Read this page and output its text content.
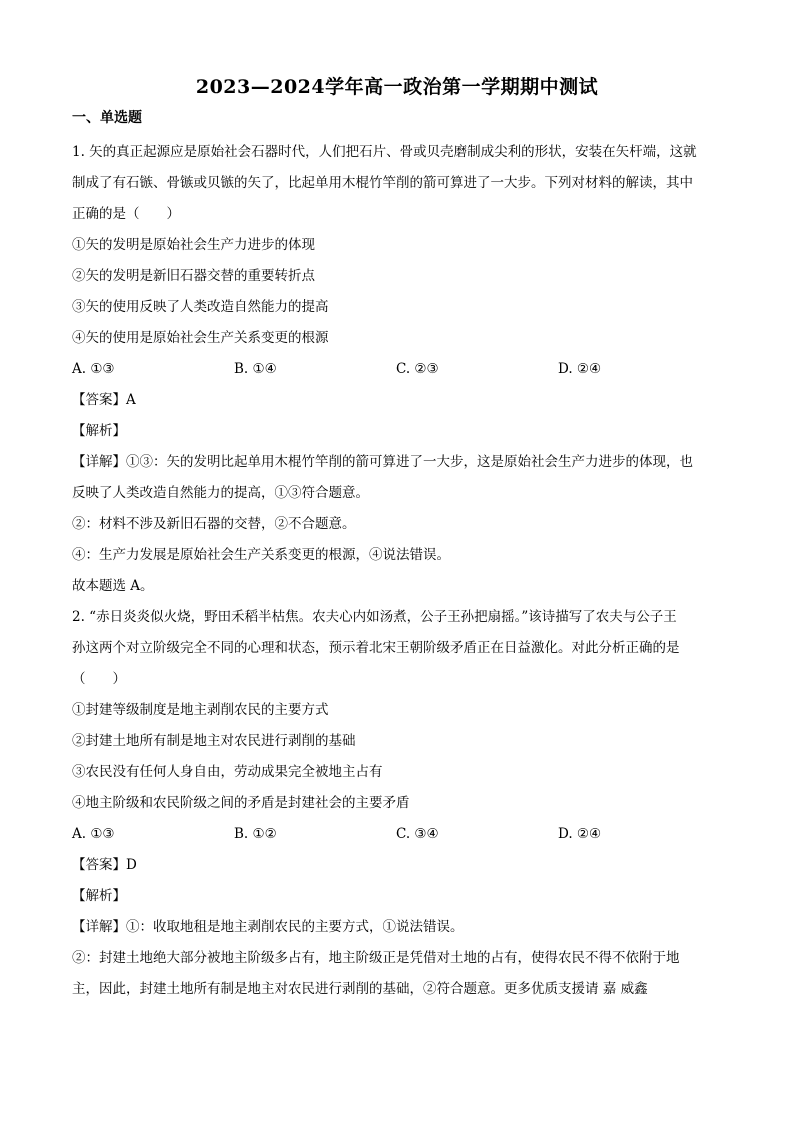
2023—2024学年高一政治第一学期期中测试
一、单选题
1. 矢的真正起源应是原始社会石器时代，人们把石片、骨或贝壳磨制成尖利的形状，安装在矢杆端，这就
制成了有石镞、骨镞或贝镞的矢了，比起单用木棍竹竿削的箭可算进了一大步。下列对材料的解读，其中
正确的是（　　）
①矢的发明是原始社会生产力进步的体现
②矢的发明是新旧石器交替的重要转折点
③矢的使用反映了人类改造自然能力的提高
④矢的使用是原始社会生产关系变更的根源
A. ①③	B. ①④	C. ②③	D. ②④
【答案】A
【解析】
【详解】①③：矢的发明比起单用木棍竹竿削的箭可算进了一大步，这是原始社会生产力进步的体现，也
反映了人类改造自然能力的提高，①③符合题意。
②：材料不涉及新旧石器的交替，②不合题意。
④：生产力发展是原始社会生产关系变更的根源，④说法错误。
故本题选 A。
2. “赤日炎炎似火烧，野田禾稻半枯焦。农夫心内如汤煮，公子王孙把扇摇。”该诗描写了农夫与公子王
孙这两个对立阶级完全不同的心理和状态，预示着北宋王朝阶级矛盾正在日益激化。对此分析正确的是
（　　）
①封建等级制度是地主剥削农民的主要方式
②封建土地所有制是地主对农民进行剥削的基础
③农民没有任何人身自由，劳动成果完全被地主占有
④地主阶级和农民阶级之间的矛盾是封建社会的主要矛盾
A. ①③	B. ①②	C. ③④	D. ②④
【答案】D
【解析】
【详解】①：收取地租是地主剥削农民的主要方式，①说法错误。
②：封建土地绝大部分被地主阶级多占有，地主阶级正是凭借对土地的占有，使得农民不得不依附于地
主，因此，封建土地所有制是地主对农民进行剥削的基础，②符合题意。更多优质支援请 嘉 威鑫
